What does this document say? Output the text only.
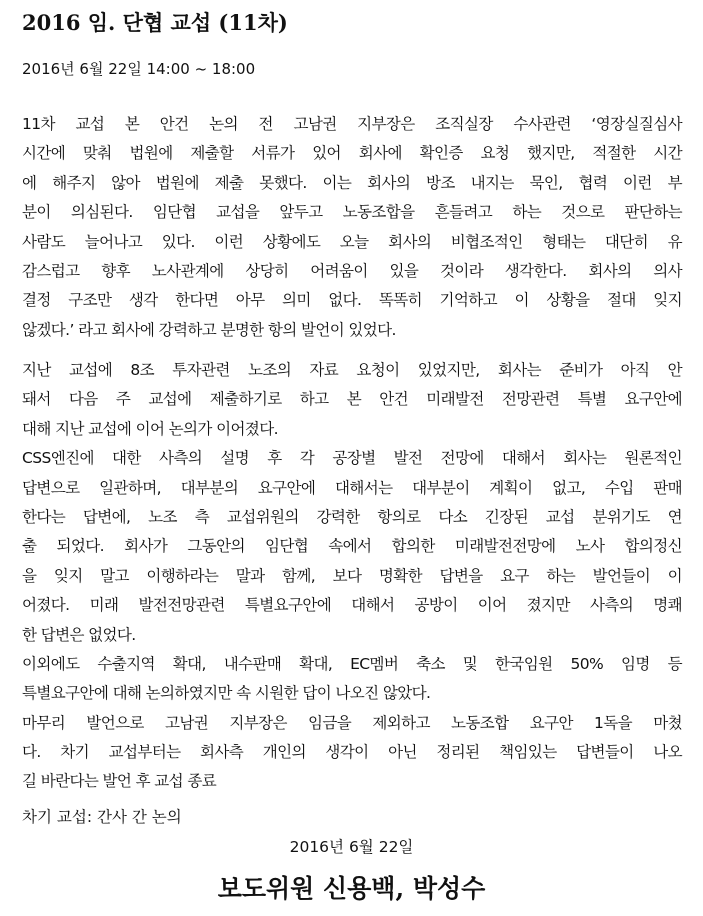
2016 임. 단협 교섭 (11차)
2016년 6월 22일 14:00 ~ 18:00
11차 교섭 본 안건 논의 전 고남권 지부장은 조직실장 수사관련 ‘영장실질심사
시간에 맞춰 법원에 제출할 서류가 있어 회사에 확인증 요청 했지만, 적절한 시간
에 해주지 않아 법원에 제출 못했다. 이는 회사의 방조 내지는 묵인, 협력 이런 부
분이 의심된다. 임단협 교섭을 앞두고 노동조합을 흔들려고 하는 것으로 판단하는
사람도 늘어나고 있다. 이런 상황에도 오늘 회사의 비협조적인 형태는 대단히 유
감스럽고 향후 노사관계에 상당히 어려움이 있을 것이라 생각한다. 회사의 의사
결정 구조만 생각 한다면 아무 의미 없다. 똑똑히 기억하고 이 상황을 절대 잊지
않겠다.’ 라고 회사에 강력하고 분명한 항의 발언이 있었다.
지난 교섭에 8조 투자관련 노조의 자료 요청이 있었지만, 회사는 준비가 아직 안
돼서 다음 주 교섭에 제출하기로 하고 본 안건 미래발전 전망관련 특별 요구안에
대해 지난 교섭에 이어 논의가 이어졌다.
CSS엔진에 대한 사측의 설명 후 각 공장별 발전 전망에 대해서 회사는 원론적인
답변으로 일관하며, 대부분의 요구안에 대해서는 대부분이 계획이 없고, 수입 판매
한다는 답변에, 노조 측 교섭위원의 강력한 항의로 다소 긴장된 교섭 분위기도 연
출 되었다. 회사가 그동안의 임단협 속에서 합의한 미래발전전망에 노사 합의정신
을 잊지 말고 이행하라는 말과 함께, 보다 명확한 답변을 요구 하는 발언들이 이
어졌다. 미래 발전전망관련 특별요구안에 대해서 공방이 이어 졌지만 사측의 명쾌
한 답변은 없었다.
이외에도 수출지역 확대, 내수판매 확대, EC멤버 축소 및 한국임원 50% 임명 등
특별요구안에 대해 논의하였지만 속 시원한 답이 나오진 않았다.
마무리 발언으로 고남권 지부장은 임금을 제외하고 노동조합 요구안 1독을 마쳤
다. 차기 교섭부터는 회사측 개인의 생각이 아닌 정리된 책임있는 답변들이 나오
길 바란다는 발언 후 교섭 종료
차기 교섭: 간사 간 논의
2016년 6월 22일
보도위원 신용백, 박성수
